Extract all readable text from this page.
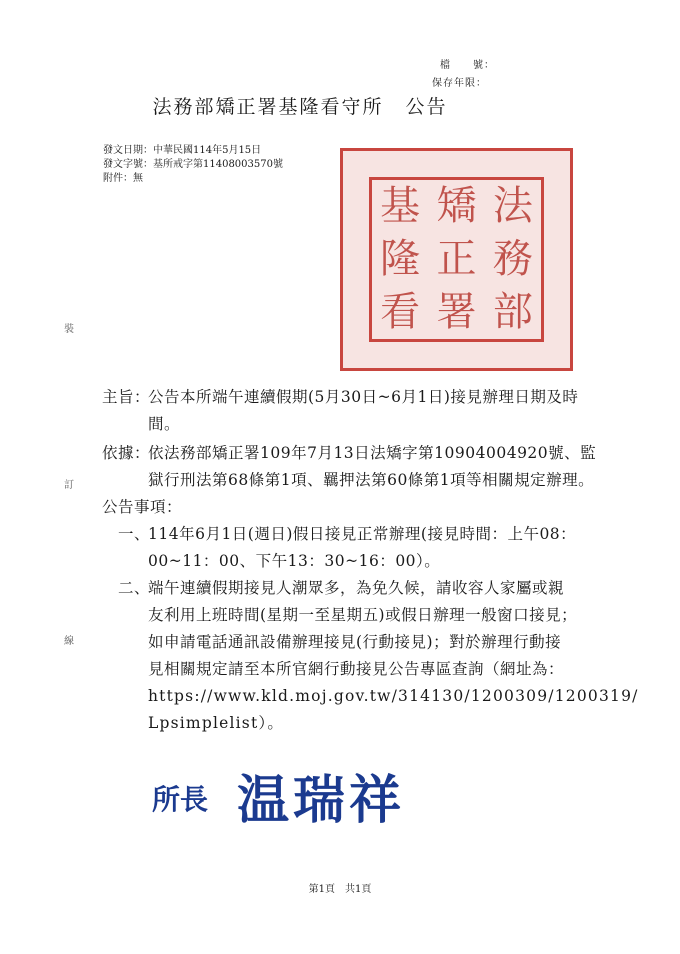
檔　　號：
保存年限：
法務部矯正署基隆看守所 公告
發文日期：中華民國114年5月15日
發文字號：基所戒字第11408003570號
附件：無
法
矯
基
務
正
隆
部
署
看
裝
訂
線
主旨：
公告本所端午連續假期(5月30日~6月1日)接見辦理日期及時
間。
依據：
依法務部矯正署109年7月13日法矯字第10904004920號、監
獄行刑法第68條第1項、羈押法第60條第1項等相關規定辦理。
公告事項：
一、
114年6月1日(週日)假日接見正常辦理(接見時間：上午08：
00~11：00、下午13：30~16：00）。
二、
端午連續假期接見人潮眾多，為免久候，請收容人家屬或親
友利用上班時間(星期一至星期五)或假日辦理一般窗口接見；
如申請電話通訊設備辦理接見(行動接見)；對於辦理行動接
見相關規定請至本所官網行動接見公告專區查詢（網址為：
https://www.kld.moj.gov.tw/314130/1200309/1200319/
Lpsimplelist）。
所長 温瑞祥
第1頁　共1頁
